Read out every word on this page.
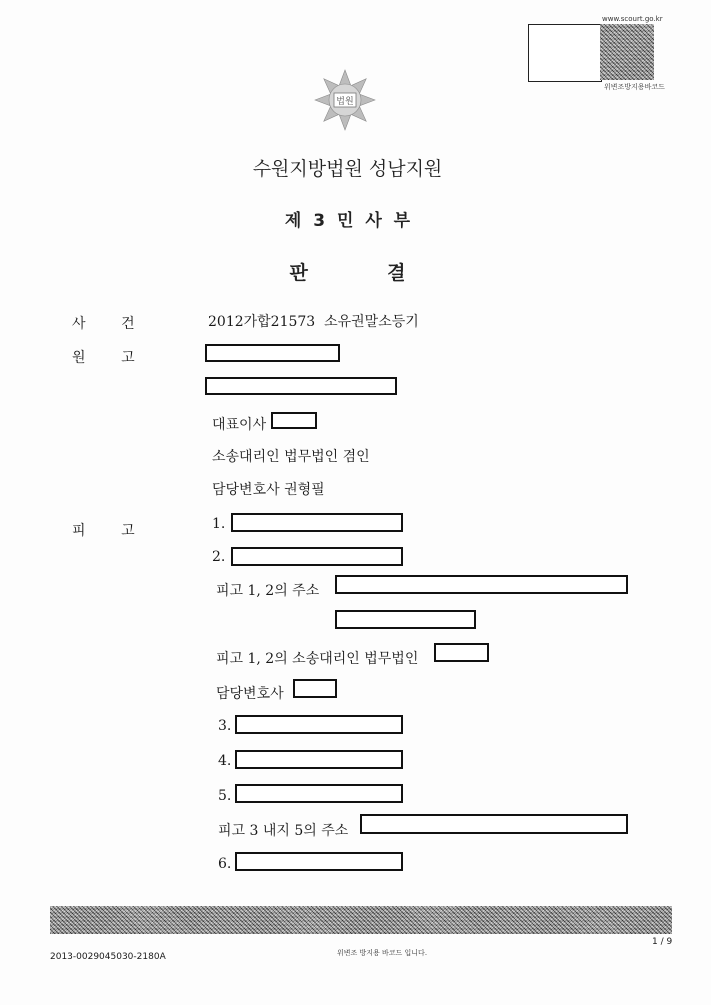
www.scourt.go.kr
위변조방지용바코드
법원
수원지방법원 성남지원
제 3 민 사 부
판            결
사        건	2012가합21573  소유권말소등기
원        고
대표이사
소송대리인 법무법인 겸인
담당변호사 권형필
피        고	1.
2.
피고 1, 2의 주소
피고 1, 2의 소송대리인 법무법인
담당변호사
3.
4.
5.
피고 3 내지 5의 주소
6.
2013-0029045030-2180A
1 / 9
위변조 방지용 바코드 입니다.
